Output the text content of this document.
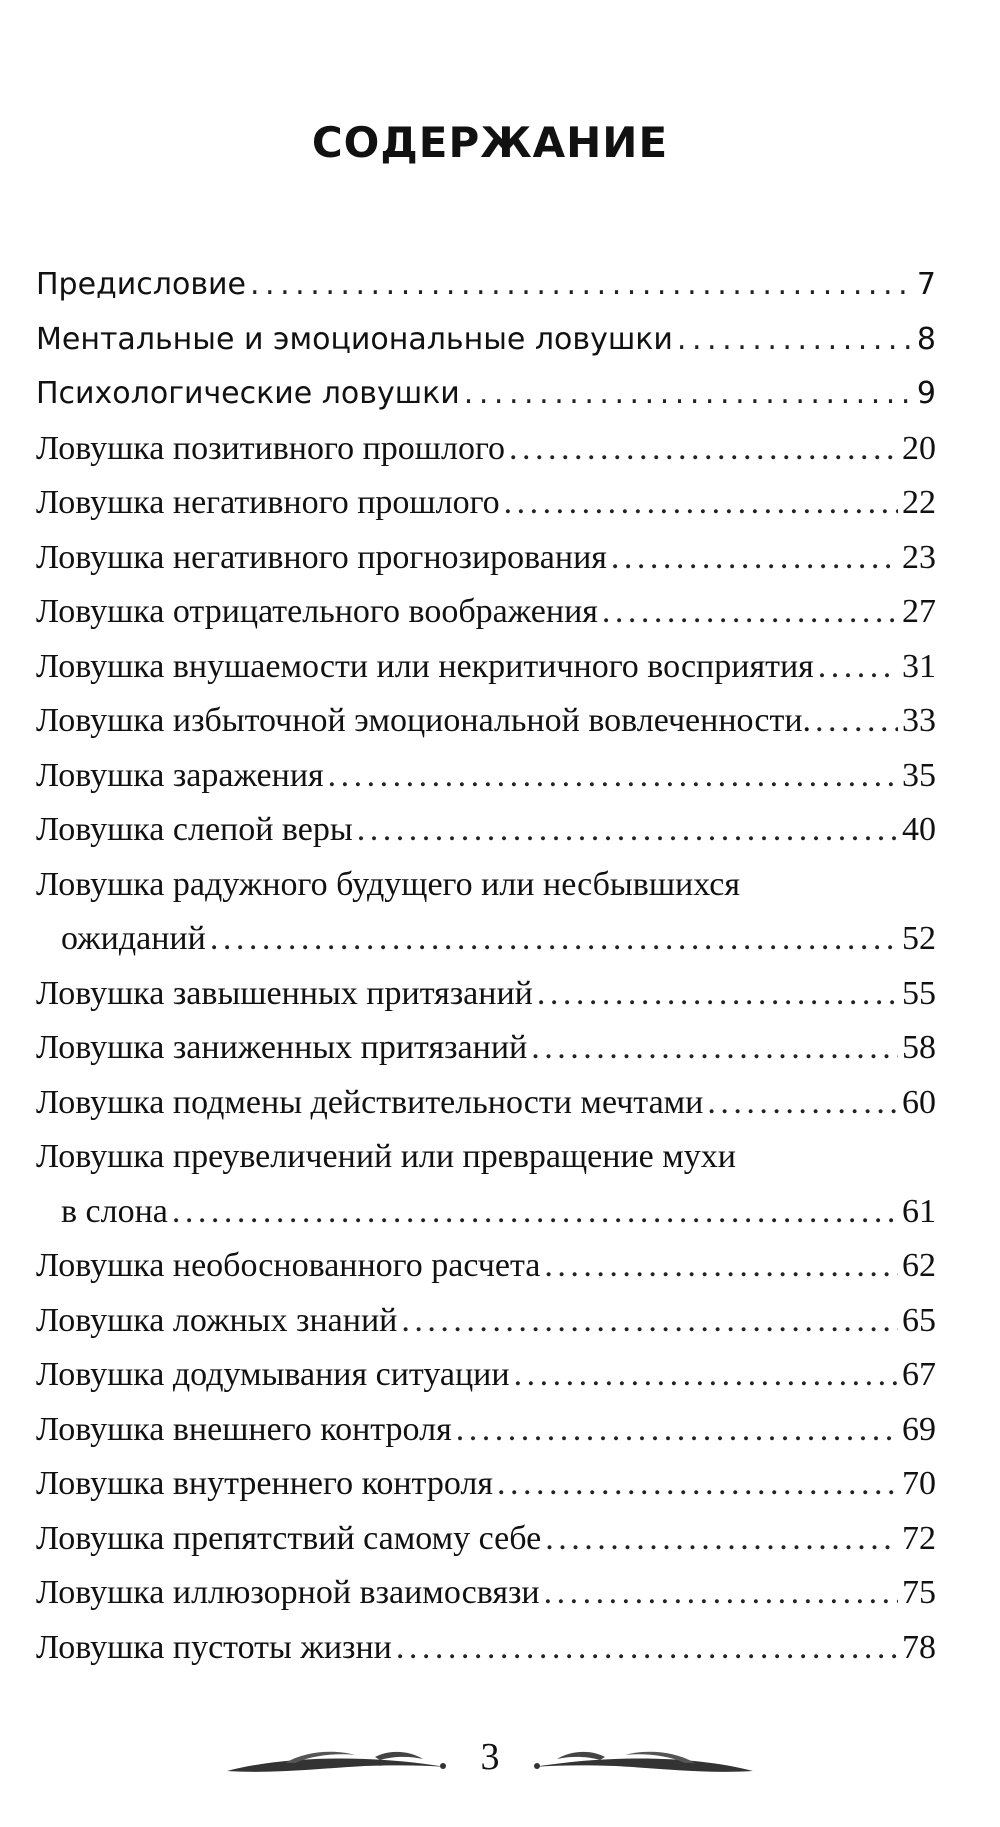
СОДЕРЖАНИЕ
Предисловие . . .	7
Ментальные и эмоциональные ловушки . . .	8
Психологические ловушки . . .	9
Ловушка позитивного прошлого . . .	20
Ловушка негативного прошлого . . .	22
Ловушка негативного прогнозирования . . .	23
Ловушка отрицательного воображения . . .	27
Ловушка внушаемости или некритичного восприятия . . .	31
Ловушка избыточной эмоциональной вовлеченности. . . .	33
Ловушка заражения . . .	35
Ловушка слепой веры . . .	40
Ловушка радужного будущего или несбывшихся
ожиданий . . .	52
Ловушка завышенных притязаний . . .	55
Ловушка заниженных притязаний . . .	58
Ловушка подмены действительности мечтами . . .	60
Ловушка преувеличений или превращение мухи
в слона . . .	61
Ловушка необоснованного расчета . . .	62
Ловушка ложных знаний . . .	65
Ловушка додумывания ситуации . . .	67
Ловушка внешнего контроля . . .	69
Ловушка внутреннего контроля . . .	70
Ловушка препятствий самому себе . . .	72
Ловушка иллюзорной взаимосвязи . . .	75
Ловушка пустоты жизни . . .	78
3
